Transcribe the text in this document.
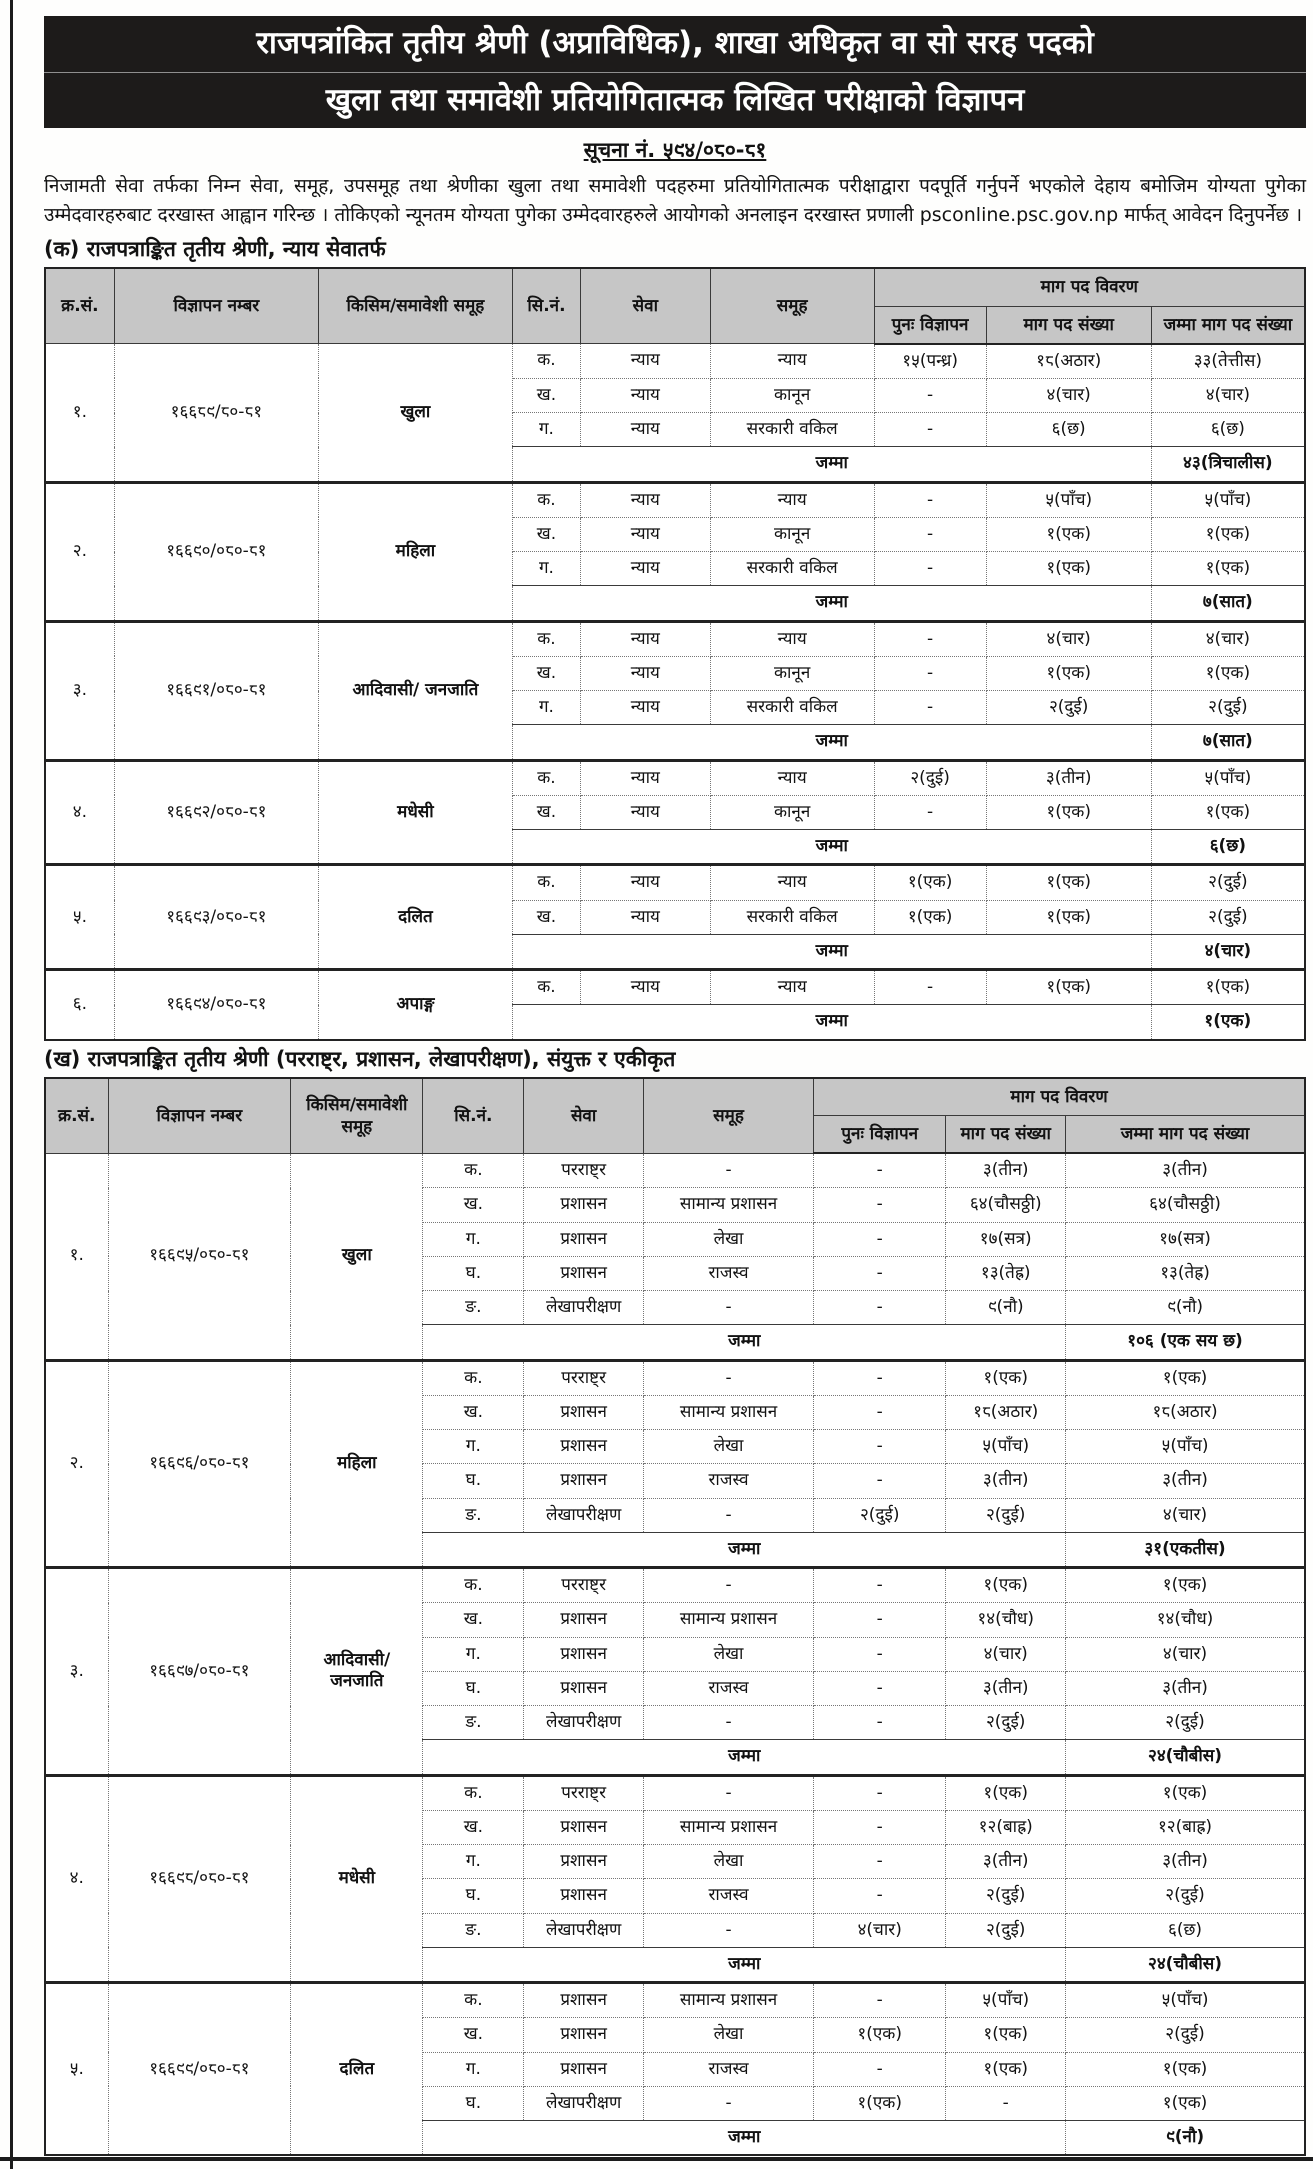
राजपत्रांकित तृतीय श्रेणी (अप्राविधिक), शाखा अधिकृत वा सो सरह पदको
खुला तथा समावेशी प्रतियोगितात्मक लिखित परीक्षाको विज्ञापन
सूचना नं. ५९४/०८०-८१

निजामती सेवा तर्फका निम्न सेवा, समूह, उपसमूह तथा श्रेणीका खुला तथा समावेशी पदहरुमा प्रतियोगितात्मक परीक्षाद्वारा पदपूर्ति गर्नुपर्ने भएकोले देहाय बमोजिम योग्यता पुगेका उम्मेदवारहरुबाट दरखास्त आह्वान गरिन्छ । तोकिएको न्यूनतम योग्यता पुगेका उम्मेदवारहरुले आयोगको अनलाइन दरखास्त प्रणाली psconline.psc.gov.np मार्फत् आवेदन दिनुपर्नेछ ।

(क) राजपत्राङ्कित तृतीय श्रेणी, न्याय सेवातर्फ
क्र.सं.	विज्ञापन नम्बर	किसिम/समावेशी समूह	सि.नं.	सेवा	समूह	माग पद विवरण		
						पुनः विज्ञापन	माग पद संख्या	जम्मा माग पद संख्या
१.	१६६८९/८०-८१	खुला	क.	न्याय	न्याय	१५(पन्ध्र)	१८(अठार)	३३(तेत्तीस)
			ख.	न्याय	कानून	-	४(चार)	४(चार)
			ग.	न्याय	सरकारी वकिल	-	६(छ)	६(छ)
			जम्मा					४३(त्रिचालीस)
२.	१६६९०/०८०-८१	महिला	क.	न्याय	न्याय	-	५(पाँच)	५(पाँच)
			ख.	न्याय	कानून	-	१(एक)	१(एक)
			ग.	न्याय	सरकारी वकिल	-	१(एक)	१(एक)
			जम्मा					७(सात)
३.	१६६९१/०८०-८१	आदिवासी/ जनजाति	क.	न्याय	न्याय	-	४(चार)	४(चार)
			ख.	न्याय	कानून	-	१(एक)	१(एक)
			ग.	न्याय	सरकारी वकिल	-	२(दुई)	२(दुई)
			जम्मा					७(सात)
४.	१६६९२/०८०-८१	मधेसी	क.	न्याय	न्याय	२(दुई)	३(तीन)	५(पाँच)
			ख.	न्याय	कानून	-	१(एक)	१(एक)
			जम्मा					६(छ)
५.	१६६९३/०८०-८१	दलित	क.	न्याय	न्याय	१(एक)	१(एक)	२(दुई)
			ख.	न्याय	सरकारी वकिल	१(एक)	१(एक)	२(दुई)
			जम्मा					४(चार)
६.	१६६९४/०८०-८१	अपाङ्ग	क.	न्याय	न्याय	-	१(एक)	१(एक)
			जम्मा					१(एक)
(ख) राजपत्राङ्कित तृतीय श्रेणी (परराष्ट्र, प्रशासन, लेखापरीक्षण), संयुक्त र एकीकृत
क्र.सं.	विज्ञापन नम्बर	किसिम/समावेशी समूह	सि.नं.	सेवा	समूह	माग पद विवरण		
						पुनः विज्ञापन	माग पद संख्या	जम्मा माग पद संख्या
१.	१६६९५/०८०-८१	खुला	क.	परराष्ट्र	-	-	३(तीन)	३(तीन)
			ख.	प्रशासन	सामान्य प्रशासन	-	६४(चौसठ्ठी)	६४(चौसठ्ठी)
			ग.	प्रशासन	लेखा	-	१७(सत्र)	१७(सत्र)
			घ.	प्रशासन	राजस्व	-	१३(तेह्र)	१३(तेह्र)
			ङ.	लेखापरीक्षण	-	-	९(नौ)	९(नौ)
			जम्मा					१०६ (एक सय छ)
२.	१६६९६/०८०-८१	महिला	क.	परराष्ट्र	-	-	१(एक)	१(एक)
			ख.	प्रशासन	सामान्य प्रशासन	-	१८(अठार)	१८(अठार)
			ग.	प्रशासन	लेखा	-	५(पाँच)	५(पाँच)
			घ.	प्रशासन	राजस्व	-	३(तीन)	३(तीन)
			ङ.	लेखापरीक्षण	-	२(दुई)	२(दुई)	४(चार)
			जम्मा					३१(एकतीस)
३.	१६६९७/०८०-८१	आदिवासी/ जनजाति	क.	परराष्ट्र	-	-	१(एक)	१(एक)
			ख.	प्रशासन	सामान्य प्रशासन	-	१४(चौध)	१४(चौध)
			ग.	प्रशासन	लेखा	-	४(चार)	४(चार)
			घ.	प्रशासन	राजस्व	-	३(तीन)	३(तीन)
			ङ.	लेखापरीक्षण	-	-	२(दुई)	२(दुई)
			जम्मा					२४(चौबीस)
४.	१६६९८/०८०-८१	मधेसी	क.	परराष्ट्र	-	-	१(एक)	१(एक)
			ख.	प्रशासन	सामान्य प्रशासन	-	१२(बाह्र)	१२(बाह्र)
			ग.	प्रशासन	लेखा	-	३(तीन)	३(तीन)
			घ.	प्रशासन	राजस्व	-	२(दुई)	२(दुई)
			ङ.	लेखापरीक्षण	-	४(चार)	२(दुई)	६(छ)
			जम्मा					२४(चौबीस)
५.	१६६९९/०८०-८१	दलित	क.	प्रशासन	सामान्य प्रशासन	-	५(पाँच)	५(पाँच)
			ख.	प्रशासन	लेखा	१(एक)	१(एक)	२(दुई)
			ग.	प्रशासन	राजस्व	-	१(एक)	१(एक)
			घ.	लेखापरीक्षण	-	१(एक)	-	१(एक)
			जम्मा					९(नौ)
